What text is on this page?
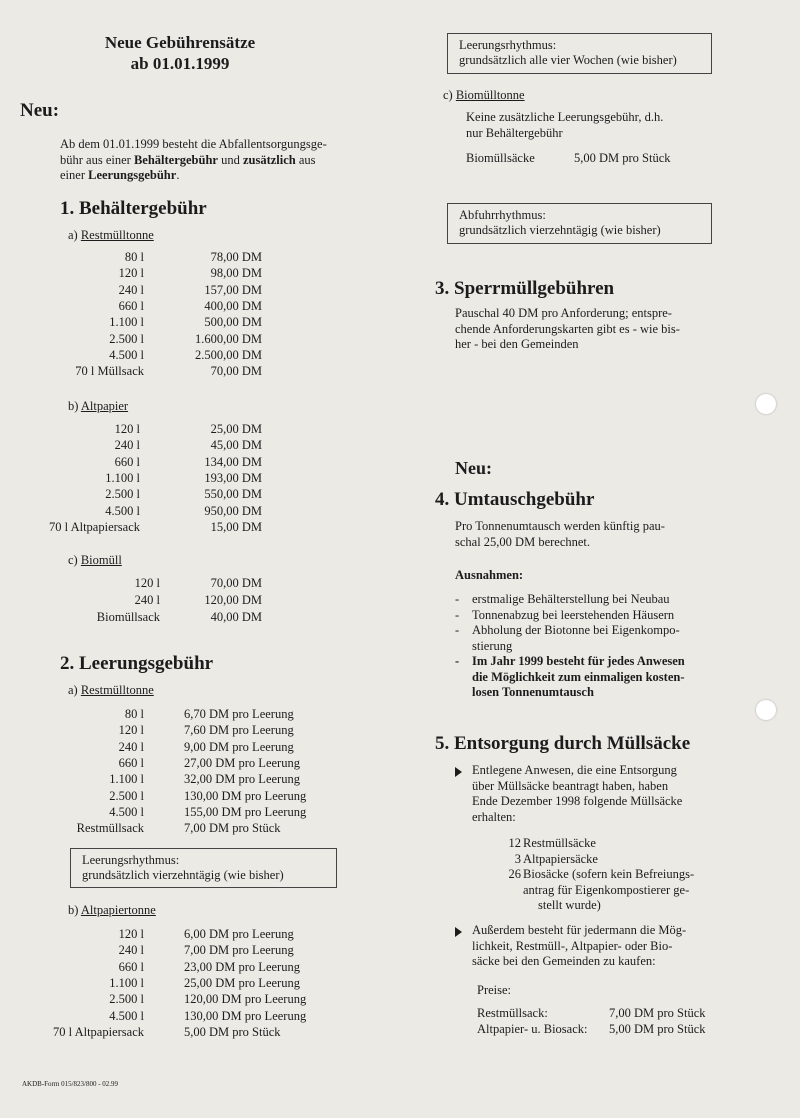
Neue Gebührensätze
ab 01.01.1999
Neu:
Ab dem 01.01.1999 besteht die Abfallentsorgungsge-
bühr aus einer Behältergebühr und zusätzlich aus
einer Leerungsgebühr.
1. Behältergebühr
a) Restmülltonne
80 l	78,00 DM
120 l	98,00 DM
240 l	157,00 DM
660 l	400,00 DM
1.100 l	500,00 DM
2.500 l	1.600,00 DM
4.500 l	2.500,00 DM
70 l Müllsack	70,00 DM
b) Altpapier
120 l	25,00 DM
240 l	45,00 DM
660 l	134,00 DM
1.100 l	193,00 DM
2.500 l	550,00 DM
4.500 l	950,00 DM
70 l Altpapiersack	15,00 DM
c) Biomüll
120 l	70,00 DM
240 l	120,00 DM
Biomüllsack	40,00 DM
2. Leerungsgebühr
a) Restmülltonne
80 l	6,70 DM pro Leerung
120 l	7,60 DM pro Leerung
240 l	9,00 DM pro Leerung
660 l	27,00 DM pro Leerung
1.100 l	32,00 DM pro Leerung
2.500 l	130,00 DM pro Leerung
4.500 l	155,00 DM pro Leerung
Restmüllsack	7,00 DM pro Stück
Leerungsrhythmus:
grundsätzlich vierzehntägig (wie bisher)
b) Altpapiertonne
120 l	6,00 DM pro Leerung
240 l	7,00 DM pro Leerung
660 l	23,00 DM pro Leerung
1.100 l	25,00 DM pro Leerung
2.500 l	120,00 DM pro Leerung
4.500 l	130,00 DM pro Leerung
70 l Altpapiersack	5,00 DM pro Stück
AKDB-Form 015/823/800 - 02.99
Leerungsrhythmus:
grundsätzlich alle vier Wochen (wie bisher)
c) Biomülltonne
Keine zusätzliche Leerungsgebühr, d.h.
nur Behältergebühr
Biomüllsäcke	5,00 DM pro Stück
Abfuhrrhythmus:
grundsätzlich vierzehntägig (wie bisher)
3. Sperrmüllgebühren
Pauschal 40 DM pro Anforderung; entspre-
chende Anforderungskarten gibt es - wie bis-
her - bei den Gemeinden
Neu:
4. Umtauschgebühr
Pro Tonnenumtausch werden künftig pau-
schal 25,00 DM berechnet.
Ausnahmen:
- erstmalige Behälterstellung bei Neubau
- Tonnenabzug bei leerstehenden Häusern
- Abholung der Biotonne bei Eigenkompo-
stierung
- Im Jahr 1999 besteht für jedes Anwesen
die Möglichkeit zum einmaligen kosten-
losen Tonnenumtausch
5. Entsorgung durch Müllsäcke
Entlegene Anwesen, die eine Entsorgung
über Müllsäcke beantragt haben, haben
Ende Dezember 1998 folgende Müllsäcke
erhalten:
12 Restmüllsäcke
3 Altpapiersäcke
26 Biosäcke (sofern kein Befreiungs-
antrag für Eigenkompostierer ge-
stellt wurde)
Außerdem besteht für jedermann die Mög-
lichkeit, Restmüll-, Altpapier- oder Bio-
säcke bei den Gemeinden zu kaufen:
Preise:
Restmüllsack:	7,00 DM pro Stück
Altpapier- u. Biosack: 5,00 DM pro Stück
